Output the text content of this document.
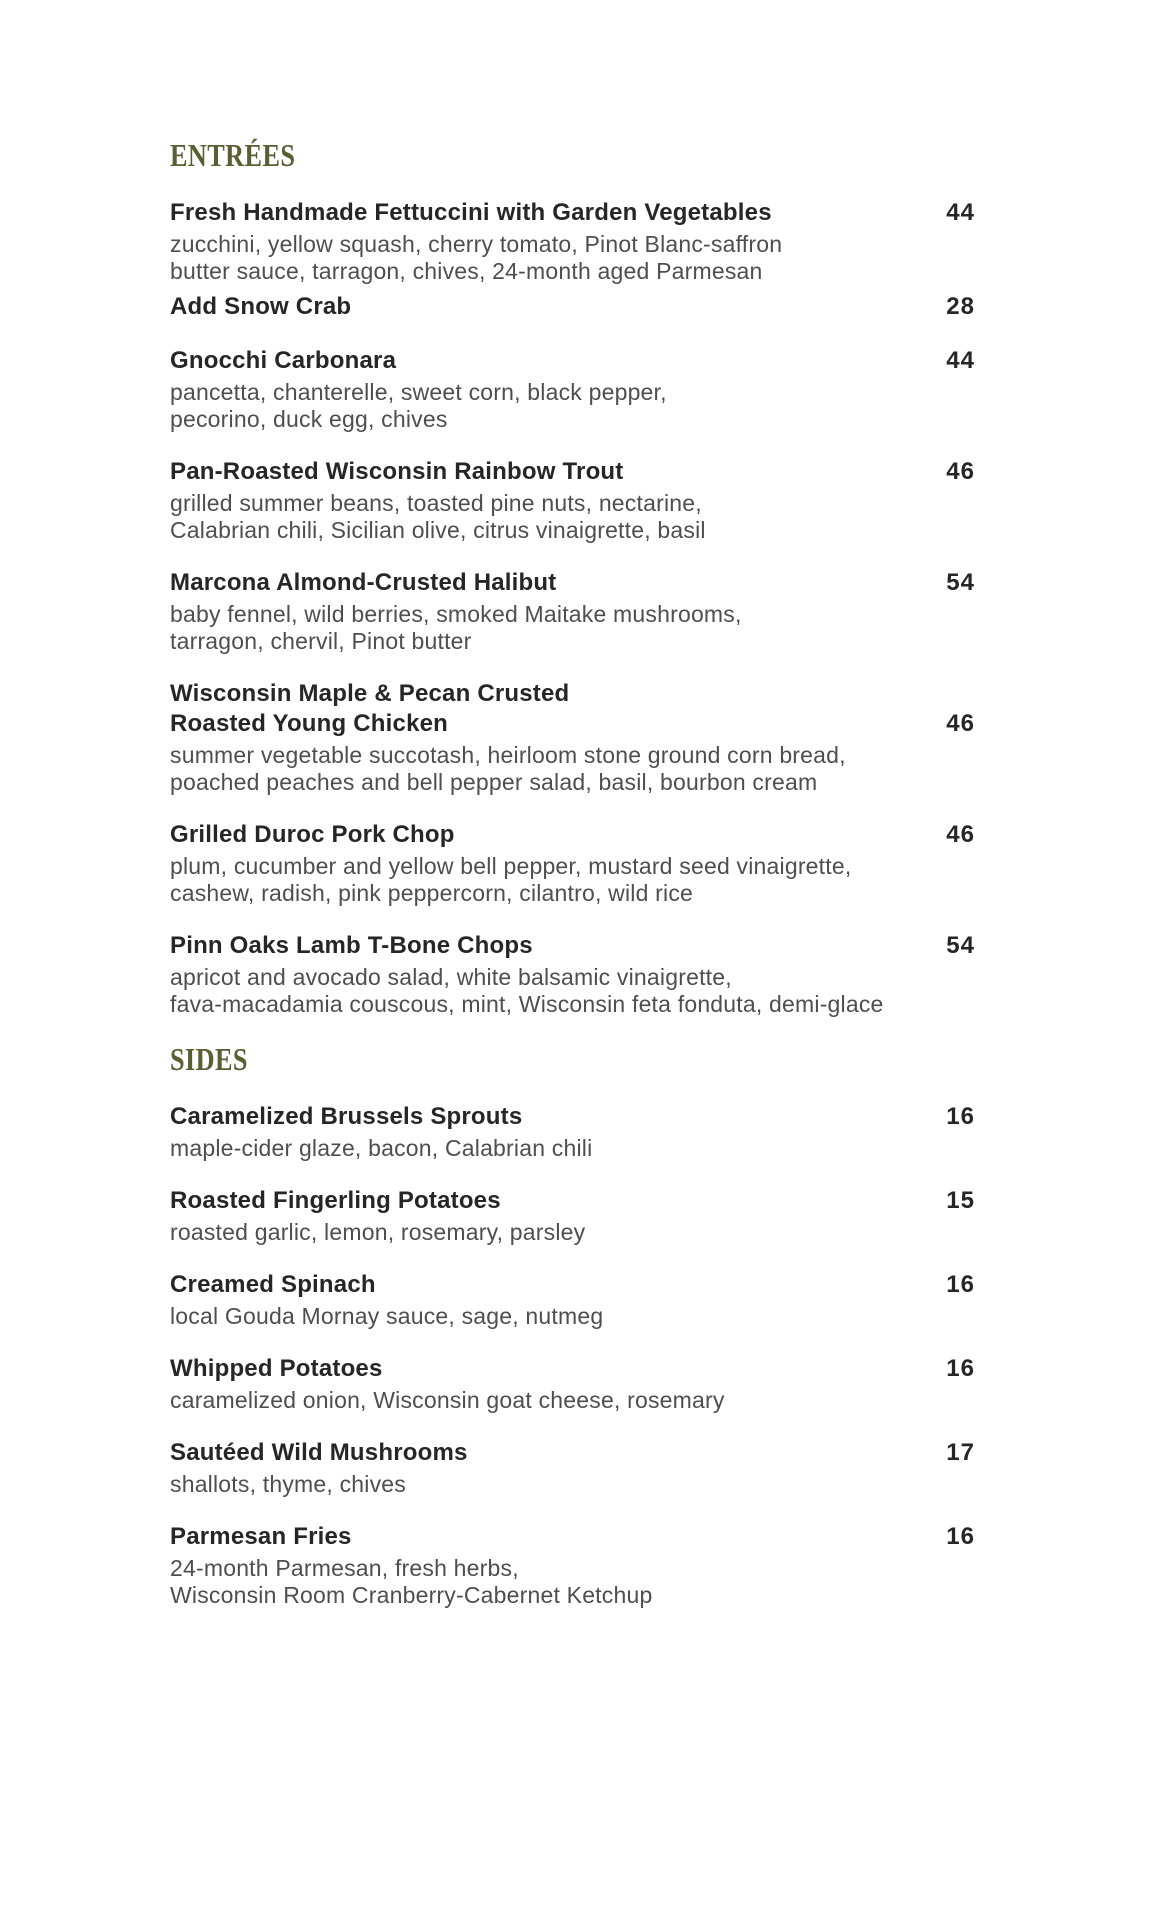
ENTRÉES
Fresh Handmade Fettuccini with Garden Vegetables	44
zucchini, yellow squash, cherry tomato, Pinot Blanc-saffron
butter sauce, tarragon, chives, 24-month aged Parmesan
Add Snow Crab	28
Gnocchi Carbonara	44
pancetta, chanterelle, sweet corn, black pepper,
pecorino, duck egg, chives
Pan-Roasted Wisconsin Rainbow Trout	46
grilled summer beans, toasted pine nuts, nectarine,
Calabrian chili, Sicilian olive, citrus vinaigrette, basil
Marcona Almond-Crusted Halibut	54
baby fennel, wild berries, smoked Maitake mushrooms,
tarragon, chervil, Pinot butter
Wisconsin Maple & Pecan Crusted
Roasted Young Chicken	46
summer vegetable succotash, heirloom stone ground corn bread,
poached peaches and bell pepper salad, basil, bourbon cream
Grilled Duroc Pork Chop	46
plum, cucumber and yellow bell pepper, mustard seed vinaigrette,
cashew, radish, pink peppercorn, cilantro, wild rice
Pinn Oaks Lamb T-Bone Chops	54
apricot and avocado salad, white balsamic vinaigrette,
fava-macadamia couscous, mint, Wisconsin feta fonduta, demi-glace
SIDES
Caramelized Brussels Sprouts	16
maple-cider glaze, bacon, Calabrian chili
Roasted Fingerling Potatoes	15
roasted garlic, lemon, rosemary, parsley
Creamed Spinach	16
local Gouda Mornay sauce, sage, nutmeg
Whipped Potatoes	16
caramelized onion, Wisconsin goat cheese, rosemary
Sautéed Wild Mushrooms	17
shallots, thyme, chives
Parmesan Fries	16
24-month Parmesan, fresh herbs,
Wisconsin Room Cranberry-Cabernet Ketchup
